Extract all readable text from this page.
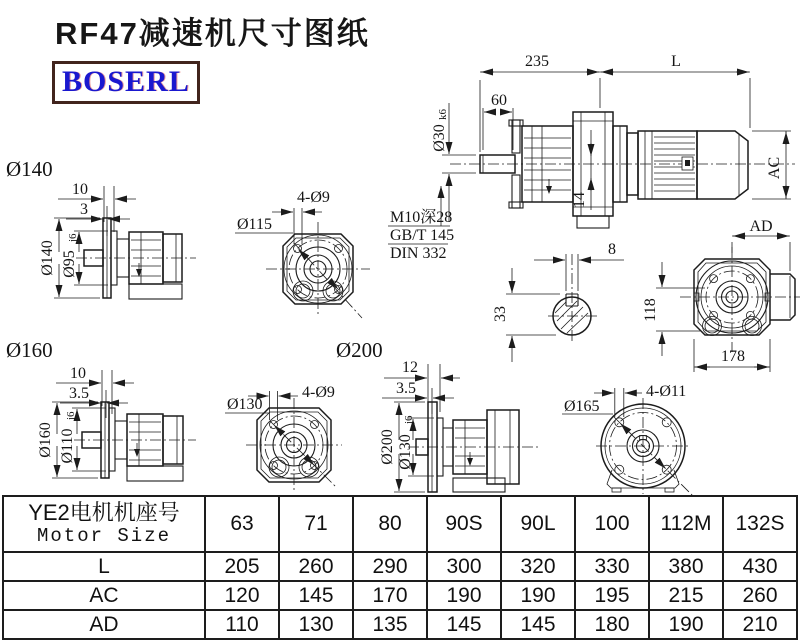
RF47减速机尺寸图纸
BOSERL
14
235	L
60
Ø30
k6
AC
M10深28
GB/T 145
DIN 332
AD
8
33	118
178
Ø140
10
3
Ø140 Ø95
j6
Ø115
4-Ø9
Ø160
10
3.5
Ø160 Ø110
j6
Ø130
4-Ø9
Ø200
12
3.5
Ø200 Ø130
j6
Ø165
4-Ø11
YE2电机机座号
Motor Size	63	71	80	90S	90L	100	112M	132S
L	205	260	290	300	320	330	380	430
AC	120	145	170	190	190	195	215	260
AD	110	130	135	145	145	180	190	210
